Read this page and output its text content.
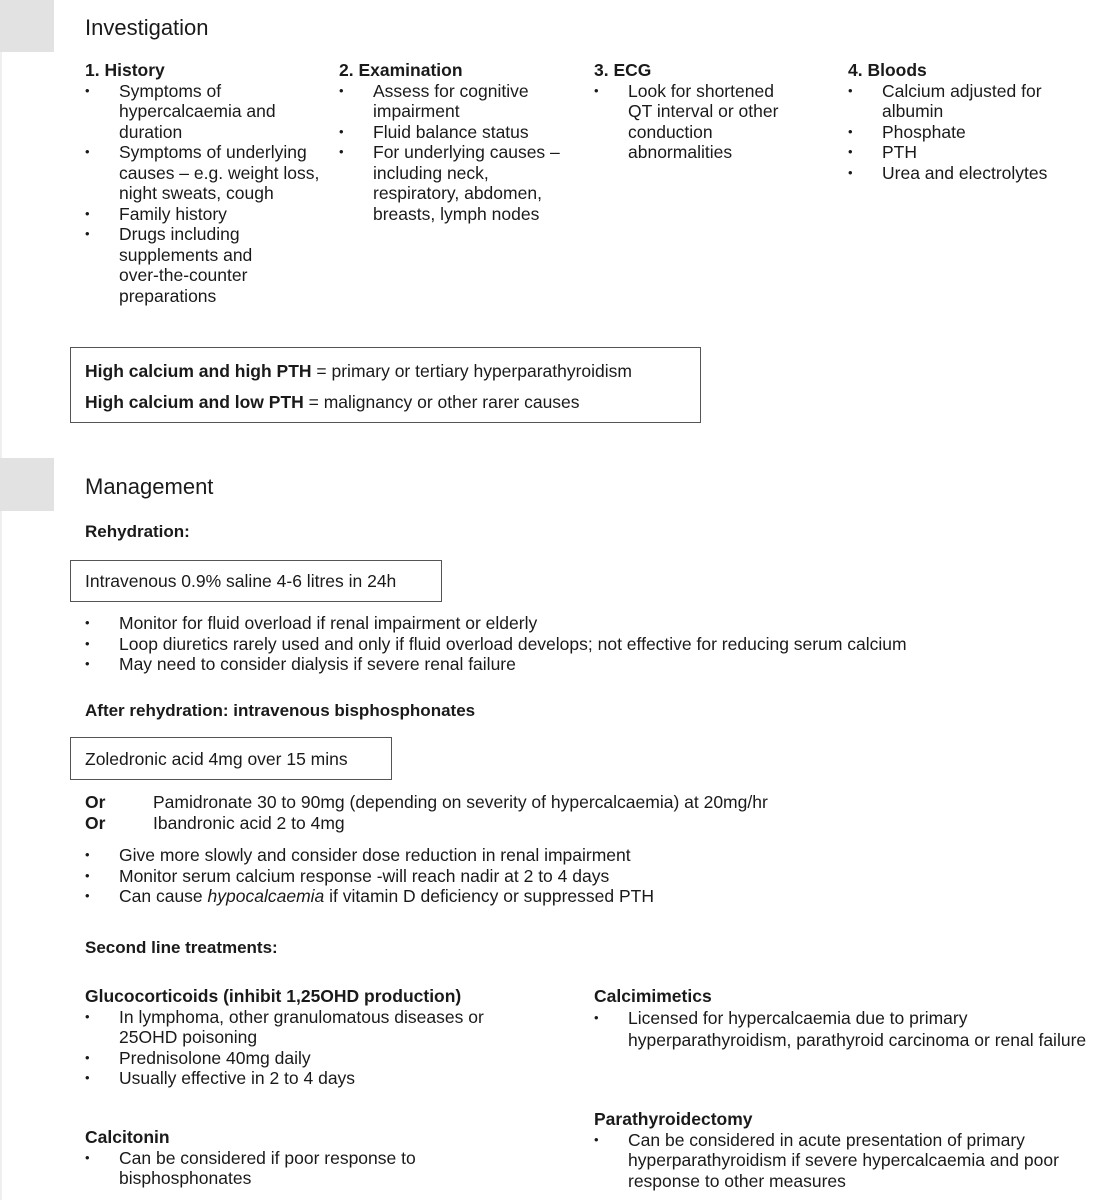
Investigation
1. History
• Symptoms of hypercalcaemia and duration
• Symptoms of underlying causes – e.g. weight loss, night sweats, cough
• Family history
• Drugs including supplements and over-the-counter preparations
2. Examination
• Assess for cognitive impairment
• Fluid balance status
• For underlying causes – including neck, respiratory, abdomen, breasts, lymph nodes
3. ECG
• Look for shortened QT interval or other conduction abnormalities
4. Bloods
• Calcium adjusted for albumin
• Phosphate
• PTH
• Urea and electrolytes
High calcium and high PTH = primary or tertiary hyperparathyroidism
High calcium and low PTH = malignancy or other rarer causes
Management
Rehydration:
Intravenous 0.9% saline 4-6 litres in 24h
• Monitor for fluid overload if renal impairment or elderly
• Loop diuretics rarely used and only if fluid overload develops; not effective for reducing serum calcium
• May need to consider dialysis if severe renal failure
After rehydration: intravenous bisphosphonates
Zoledronic acid 4mg over 15 mins
Or	Pamidronate 30 to 90mg (depending on severity of hypercalcaemia) at 20mg/hr
Or	Ibandronic acid 2 to 4mg
• Give more slowly and consider dose reduction in renal impairment
• Monitor serum calcium response -will reach nadir at 2 to 4 days
• Can cause hypocalcaemia if vitamin D deficiency or suppressed PTH
Second line treatments:
Glucocorticoids (inhibit 1,25OHD production)
• In lymphoma, other granulomatous diseases or 25OHD poisoning
• Prednisolone 40mg daily
• Usually effective in 2 to 4 days
Calcitonin
• Can be considered if poor response to bisphosphonates
Calcimimetics
• Licensed for hypercalcaemia due to primary hyperparathyroidism, parathyroid carcinoma or renal failure
Parathyroidectomy
• Can be considered in acute presentation of primary hyperparathyroidism if severe hypercalcaemia and poor response to other measures
